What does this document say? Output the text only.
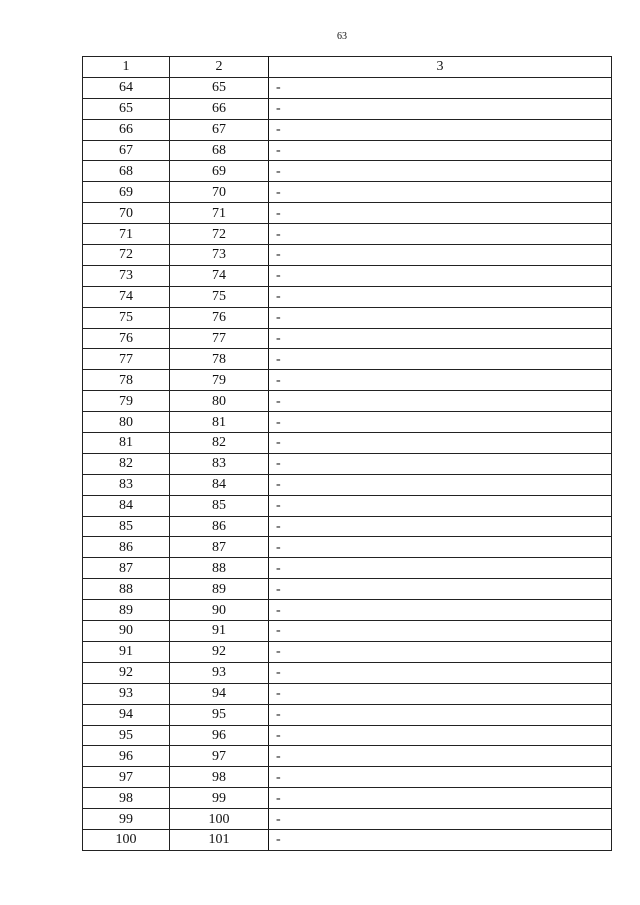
63
1	2	3
64	65	-
65	66	-
66	67	-
67	68	-
68	69	-
69	70	-
70	71	-
71	72	-
72	73	-
73	74	-
74	75	-
75	76	-
76	77	-
77	78	-
78	79	-
79	80	-
80	81	-
81	82	-
82	83	-
83	84	-
84	85	-
85	86	-
86	87	-
87	88	-
88	89	-
89	90	-
90	91	-
91	92	-
92	93	-
93	94	-
94	95	-
95	96	-
96	97	-
97	98	-
98	99	-
99	100	-
100	101	-
